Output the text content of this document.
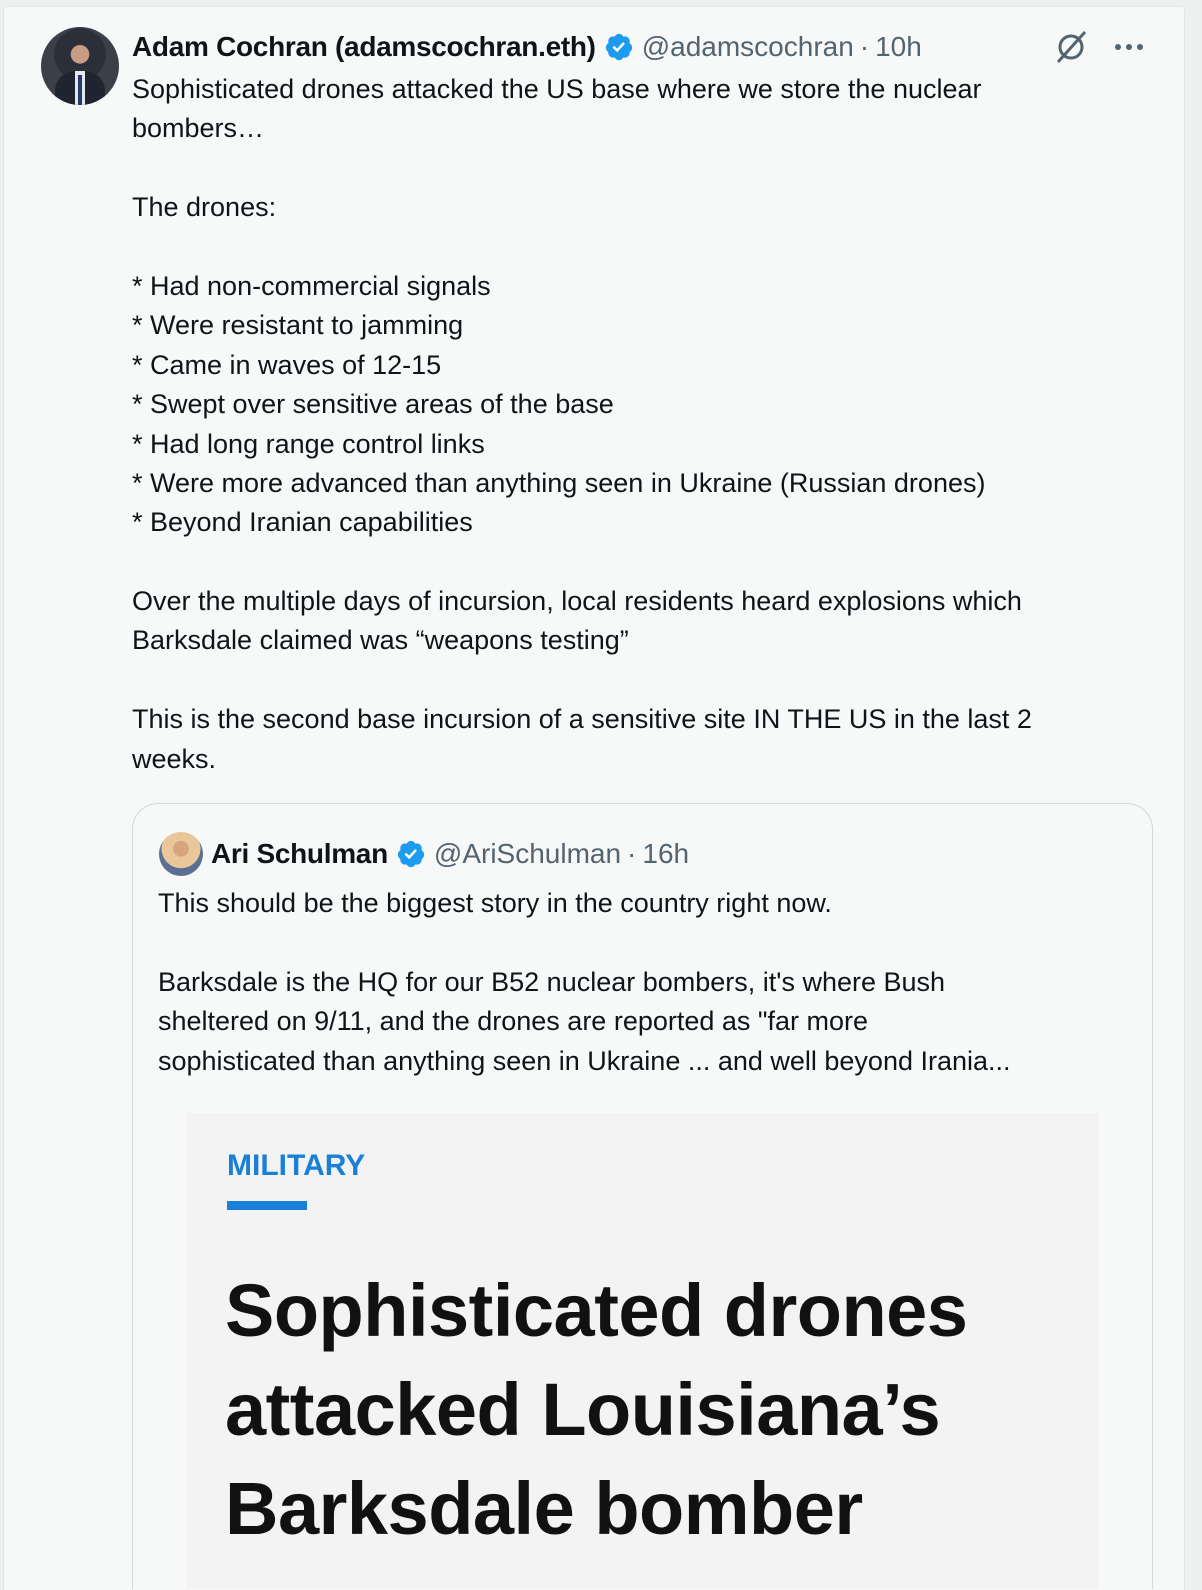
Adam Cochran (adamscochran.eth) @adamscochran · 10h
Sophisticated drones attacked the US base where we store the nuclear
bombers…
The drones:
* Had non-commercial signals
* Were resistant to jamming
* Came in waves of 12-15
* Swept over sensitive areas of the base
* Had long range control links
* Were more advanced than anything seen in Ukraine (Russian drones)
* Beyond Iranian capabilities
Over the multiple days of incursion, local residents heard explosions which
Barksdale claimed was “weapons testing”
This is the second base incursion of a sensitive site IN THE US in the last 2
weeks.
Ari Schulman @AriSchulman · 16h
This should be the biggest story in the country right now.
Barksdale is the HQ for our B52 nuclear bombers, it's where Bush
sheltered on 9/11, and the drones are reported as "far more
sophisticated than anything seen in Ukraine ... and well beyond Irania...
MILITARY
Sophisticated drones
attacked Louisiana’s
Barksdale bomber
